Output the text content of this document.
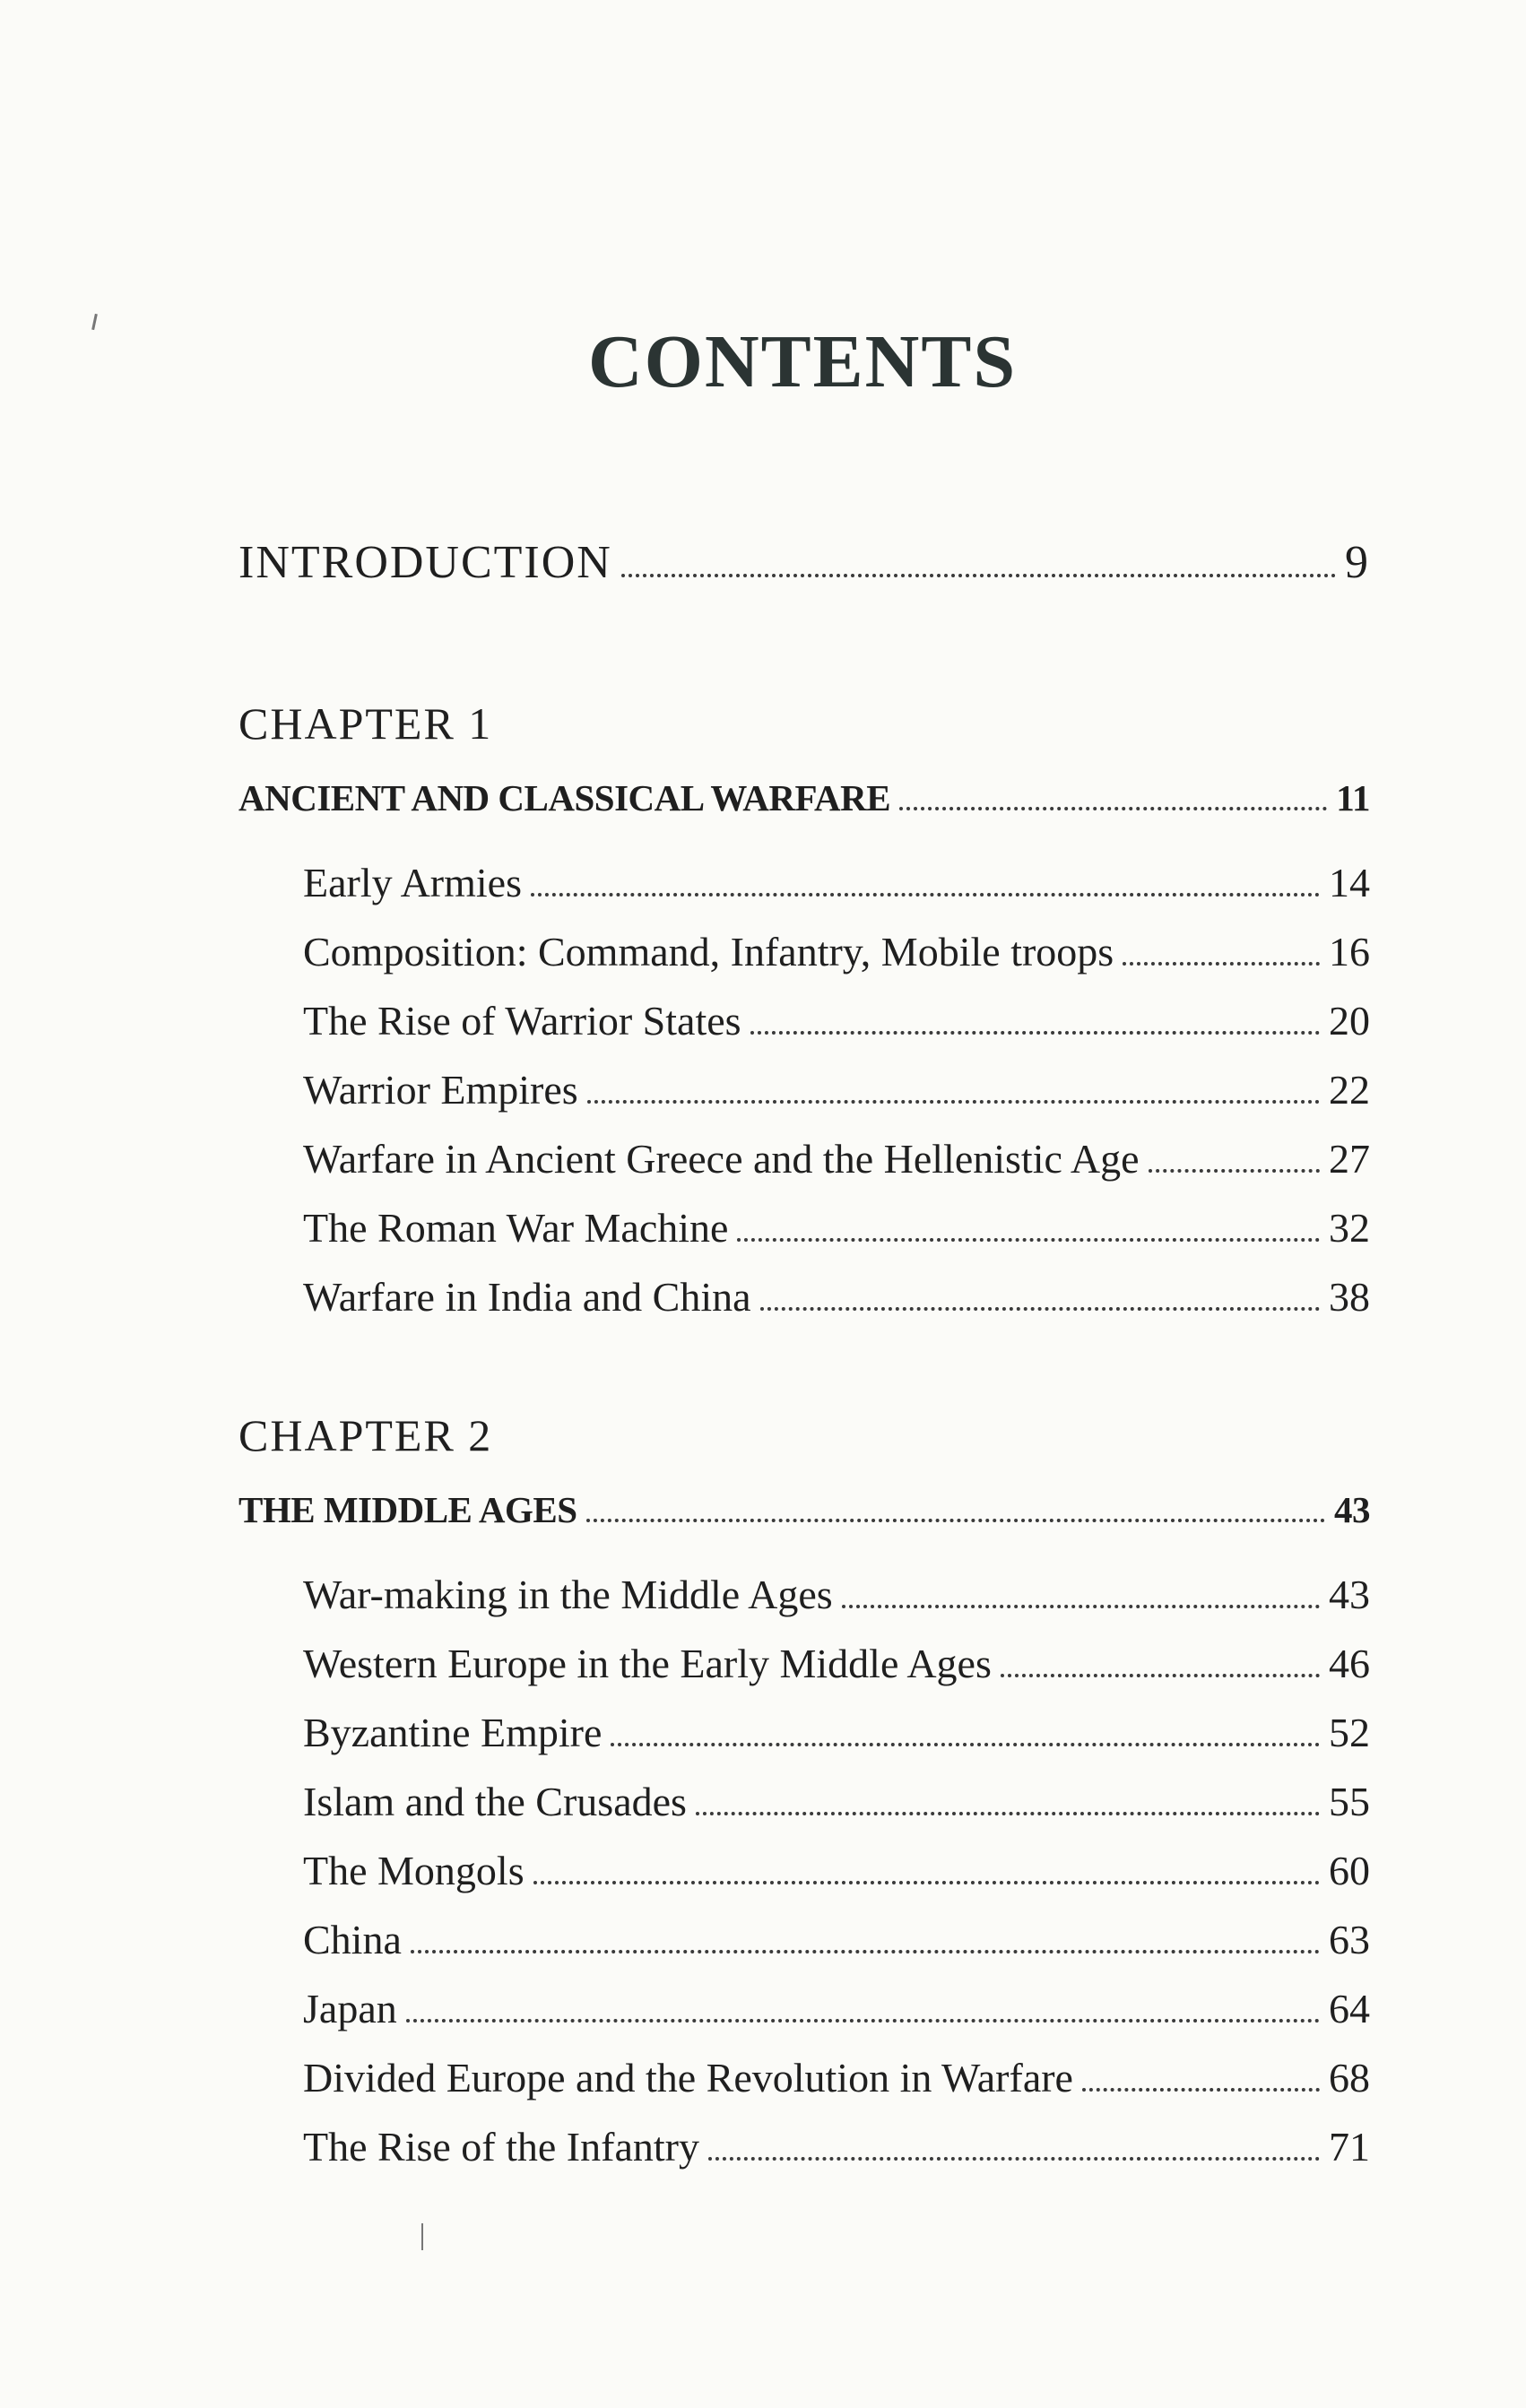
CONTENTS
INTRODUCTION	9
CHAPTER 1
ANCIENT AND CLASSICAL WARFARE	11
Early Armies	14
Composition: Command, Infantry, Mobile troops	16
The Rise of Warrior States	20
Warrior Empires	22
Warfare in Ancient Greece and the Hellenistic Age	27
The Roman War Machine	32
Warfare in India and China	38
CHAPTER 2
THE MIDDLE AGES	43
War-making in the Middle Ages	43
Western Europe in the Early Middle Ages	46
Byzantine Empire	52
Islam and the Crusades	55
The Mongols	60
China	63
Japan	64
Divided Europe and the Revolution in Warfare	68
The Rise of the Infantry	71
